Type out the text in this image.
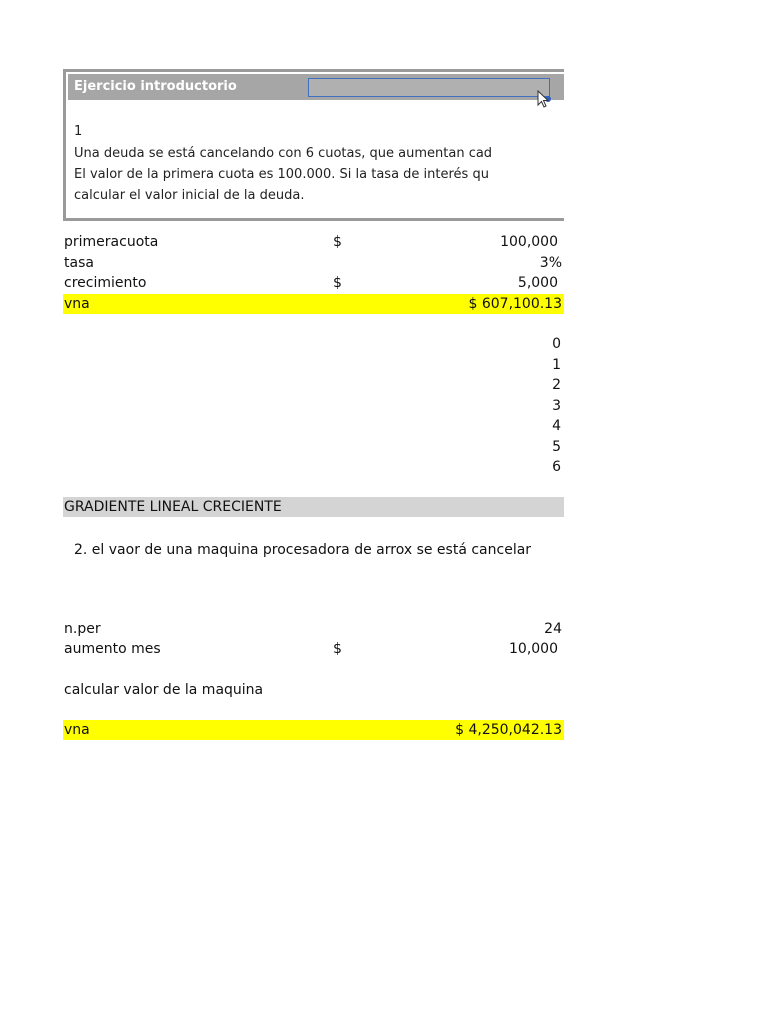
Ejercicio introductorio
1
Una deuda se está cancelando con 6 cuotas, que aumentan cad
El valor de la primera cuota es 100.000. Si la tasa de interés qu
calcular el valor inicial de la deuda.
primeracuota	$	100,000
tasa	3%
crecimiento	$	5,000
vna	$ 607,100.13
0
1
2
3
4
5
6
GRADIENTE LINEAL CRECIENTE
2. el vaor de una maquina procesadora de arrox se está cancelar
n.per	24
aumento mes	$	10,000
calcular valor de la maquina
vna	$ 4,250,042.13
